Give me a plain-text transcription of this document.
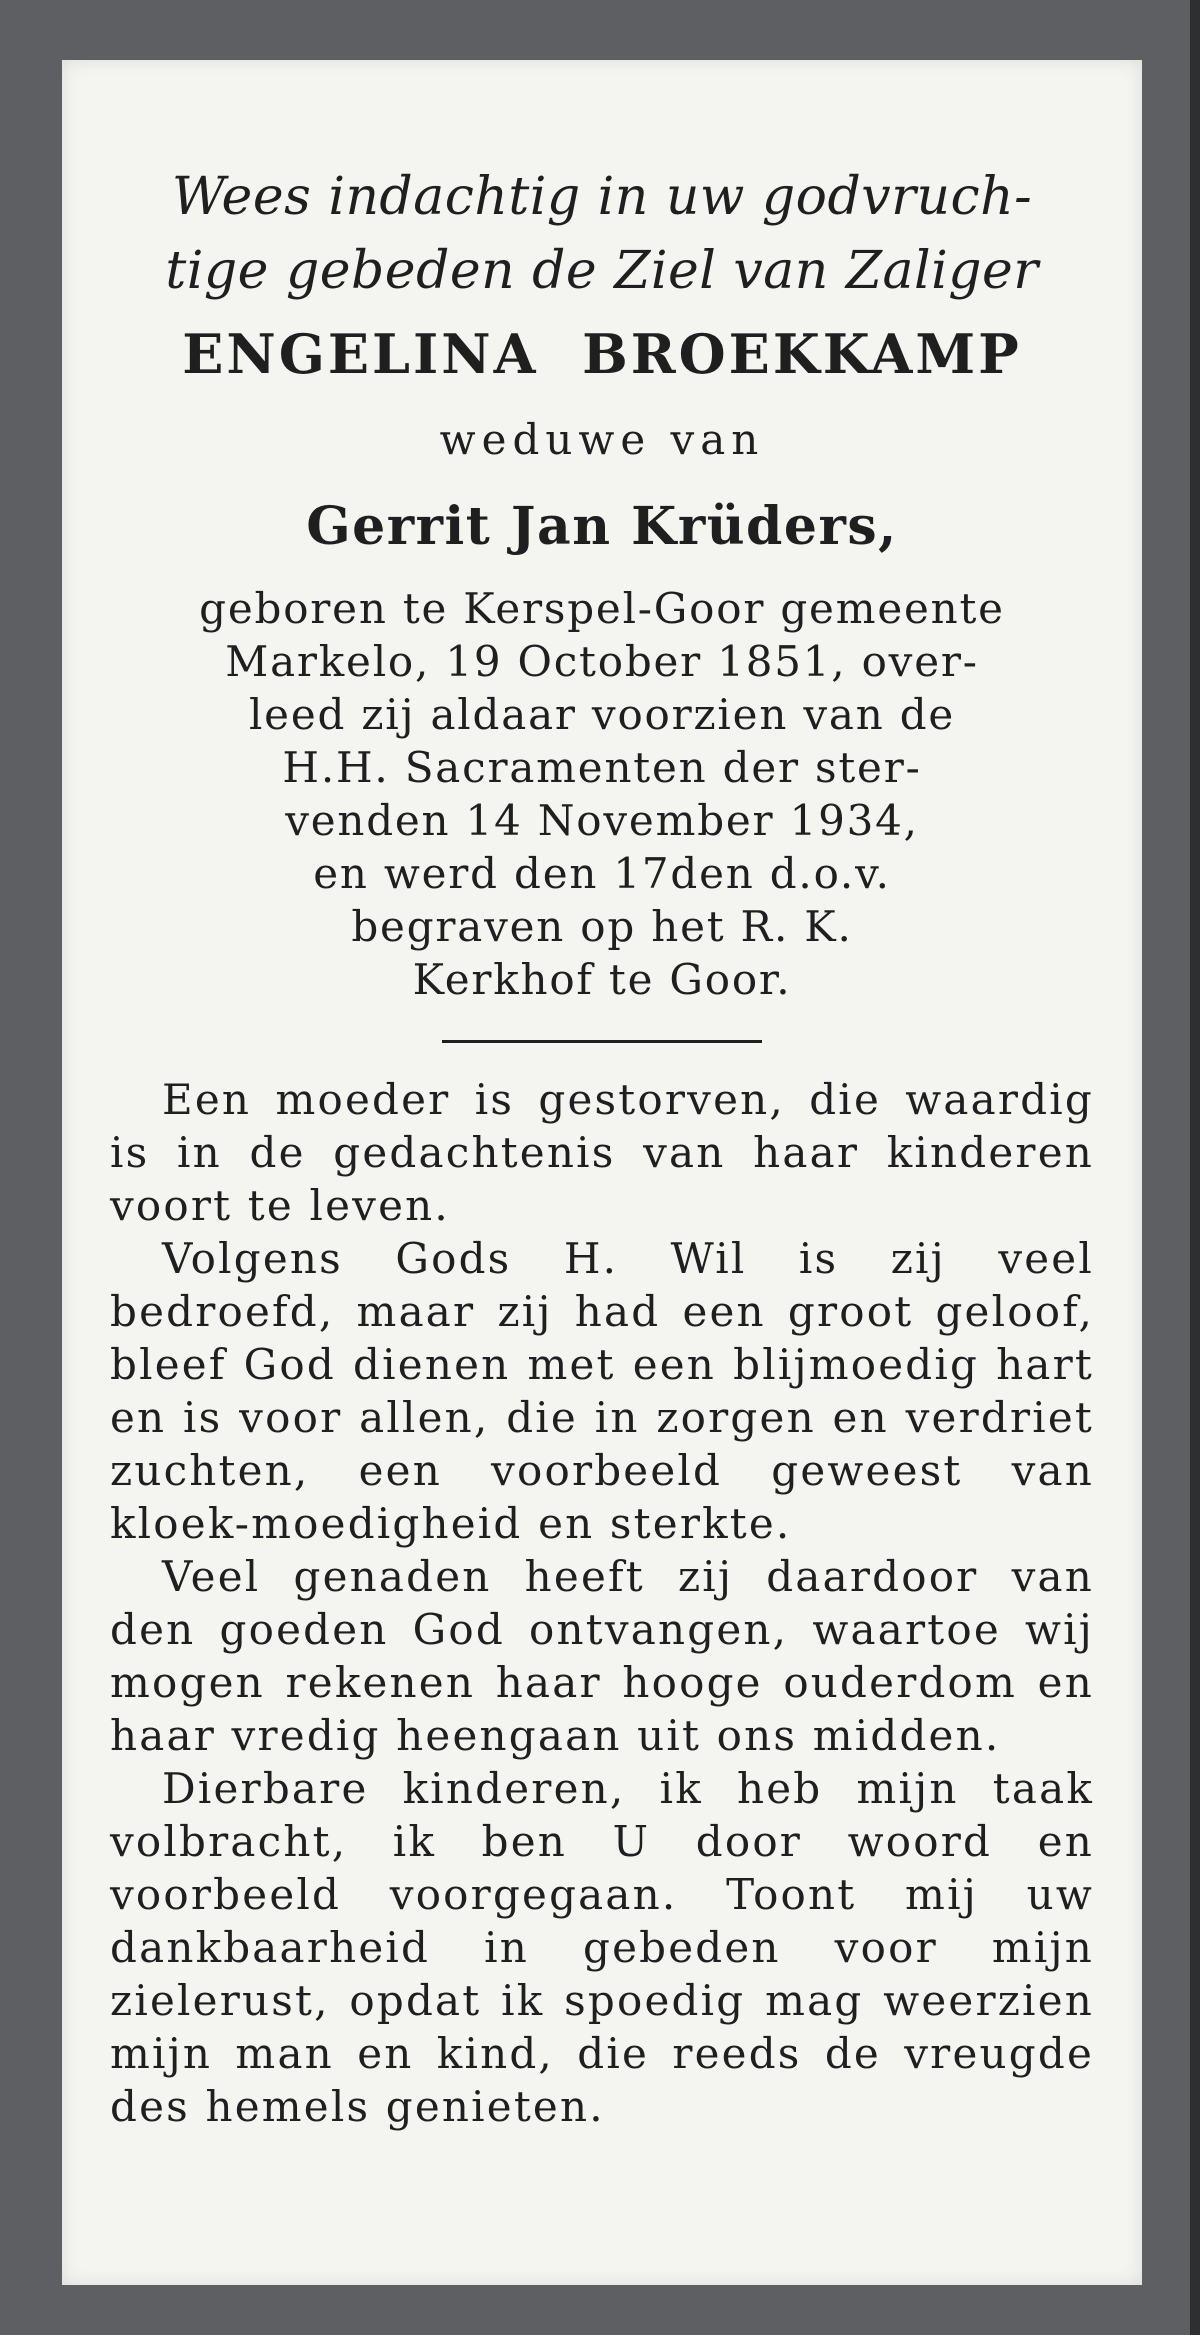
Wees indachtig in uw godvruch-
tige gebeden de Ziel van Zaliger
ENGELINA  BROEKKAMP
weduwe van
Gerrit Jan Krüders,
geboren te Kerspel-Goor gemeente
Markelo, 19 October 1851, over-
leed zij aldaar voorzien van de
H.H. Sacramenten der ster-
venden 14 November 1934,
en werd den 17den d.o.v.
begraven op het R. K.
Kerkhof te Goor.

Een moeder is gestorven, die waardig is in de gedachtenis van haar kinderen voort te leven.

Volgens Gods H. Wil is zij veel bedroefd, maar zij had een groot geloof, bleef God dienen met een blijmoedig hart en is voor allen, die in zorgen en verdriet zuchten, een voorbeeld geweest van kloek-moedigheid en sterkte.

Veel genaden heeft zij daardoor van den goeden God ontvangen, waartoe wij mogen rekenen haar hooge ouderdom en haar vredig heengaan uit ons midden.

Dierbare kinderen, ik heb mijn taak volbracht, ik ben U door woord en voorbeeld voorgegaan. Toont mij uw dankbaarheid in gebeden voor mijn zielerust, opdat ik spoedig mag weerzien mijn man en kind, die reeds de vreugde des hemels genieten.
